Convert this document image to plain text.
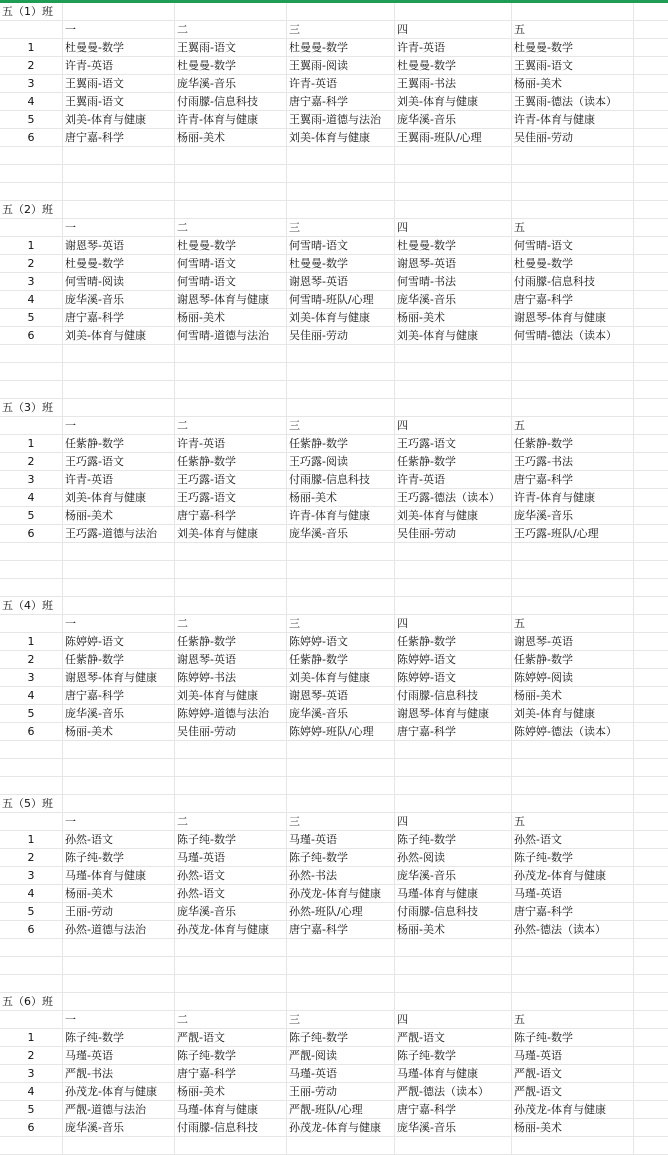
五（1）班
一	二	三	四	五
1	杜曼曼-数学	王翼雨-语文	杜曼曼-数学	许青-英语	杜曼曼-数学
2	许青-英语	杜曼曼-数学	王翼雨-阅读	杜曼曼-数学	王翼雨-语文
3	王翼雨-语文	庞华溪-音乐	许青-英语	王翼雨-书法	杨丽-美术
4	王翼雨-语文	付雨朦-信息科技	唐宁嘉-科学	刘美-体育与健康	王翼雨-德法（读本）
5	刘美-体育与健康	许青-体育与健康	王翼雨-道德与法治	庞华溪-音乐	许青-体育与健康
6	唐宁嘉-科学	杨丽-美术	刘美-体育与健康	王翼雨-班队/心理	吴佳丽-劳动
五（2）班
一	二	三	四	五
1	谢恩琴-英语	杜曼曼-数学	何雪晴-语文	杜曼曼-数学	何雪晴-语文
2	杜曼曼-数学	何雪晴-语文	杜曼曼-数学	谢恩琴-英语	杜曼曼-数学
3	何雪晴-阅读	何雪晴-语文	谢恩琴-英语	何雪晴-书法	付雨朦-信息科技
4	庞华溪-音乐	谢恩琴-体育与健康	何雪晴-班队/心理	庞华溪-音乐	唐宁嘉-科学
5	唐宁嘉-科学	杨丽-美术	刘美-体育与健康	杨丽-美术	谢恩琴-体育与健康
6	刘美-体育与健康	何雪晴-道德与法治	吴佳丽-劳动	刘美-体育与健康	何雪晴-德法（读本）
五（3）班
一	二	三	四	五
1	任紫静-数学	许青-英语	任紫静-数学	王巧露-语文	任紫静-数学
2	王巧露-语文	任紫静-数学	王巧露-阅读	任紫静-数学	王巧露-书法
3	许青-英语	王巧露-语文	付雨朦-信息科技	许青-英语	唐宁嘉-科学
4	刘美-体育与健康	王巧露-语文	杨丽-美术	王巧露-德法（读本）	许青-体育与健康
5	杨丽-美术	唐宁嘉-科学	许青-体育与健康	刘美-体育与健康	庞华溪-音乐
6	王巧露-道德与法治	刘美-体育与健康	庞华溪-音乐	吴佳丽-劳动	王巧露-班队/心理
五（4）班
一	二	三	四	五
1	陈婷婷-语文	任紫静-数学	陈婷婷-语文	任紫静-数学	谢恩琴-英语
2	任紫静-数学	谢恩琴-英语	任紫静-数学	陈婷婷-语文	任紫静-数学
3	谢恩琴-体育与健康	陈婷婷-书法	刘美-体育与健康	陈婷婷-语文	陈婷婷-阅读
4	唐宁嘉-科学	刘美-体育与健康	谢恩琴-英语	付雨朦-信息科技	杨丽-美术
5	庞华溪-音乐	陈婷婷-道德与法治	庞华溪-音乐	谢恩琴-体育与健康	刘美-体育与健康
6	杨丽-美术	吴佳丽-劳动	陈婷婷-班队/心理	唐宁嘉-科学	陈婷婷-德法（读本）
五（5）班
一	二	三	四	五
1	孙然-语文	陈子纯-数学	马瑾-英语	陈子纯-数学	孙然-语文
2	陈子纯-数学	马瑾-英语	陈子纯-数学	孙然-阅读	陈子纯-数学
3	马瑾-体育与健康	孙然-语文	孙然-书法	庞华溪-音乐	孙茂龙-体育与健康
4	杨丽-美术	孙然-语文	孙茂龙-体育与健康	马瑾-体育与健康	马瑾-英语
5	王丽-劳动	庞华溪-音乐	孙然-班队/心理	付雨朦-信息科技	唐宁嘉-科学
6	孙然-道德与法治	孙茂龙-体育与健康	唐宁嘉-科学	杨丽-美术	孙然-德法（读本）
五（6）班
一	二	三	四	五
1	陈子纯-数学	严靓-语文	陈子纯-数学	严靓-语文	陈子纯-数学
2	马瑾-英语	陈子纯-数学	严靓-阅读	陈子纯-数学	马瑾-英语
3	严靓-书法	唐宁嘉-科学	马瑾-英语	马瑾-体育与健康	严靓-语文
4	孙茂龙-体育与健康	杨丽-美术	王丽-劳动	严靓-德法（读本）	严靓-语文
5	严靓-道德与法治	马瑾-体育与健康	严靓-班队/心理	唐宁嘉-科学	孙茂龙-体育与健康
6	庞华溪-音乐	付雨朦-信息科技	孙茂龙-体育与健康	庞华溪-音乐	杨丽-美术
